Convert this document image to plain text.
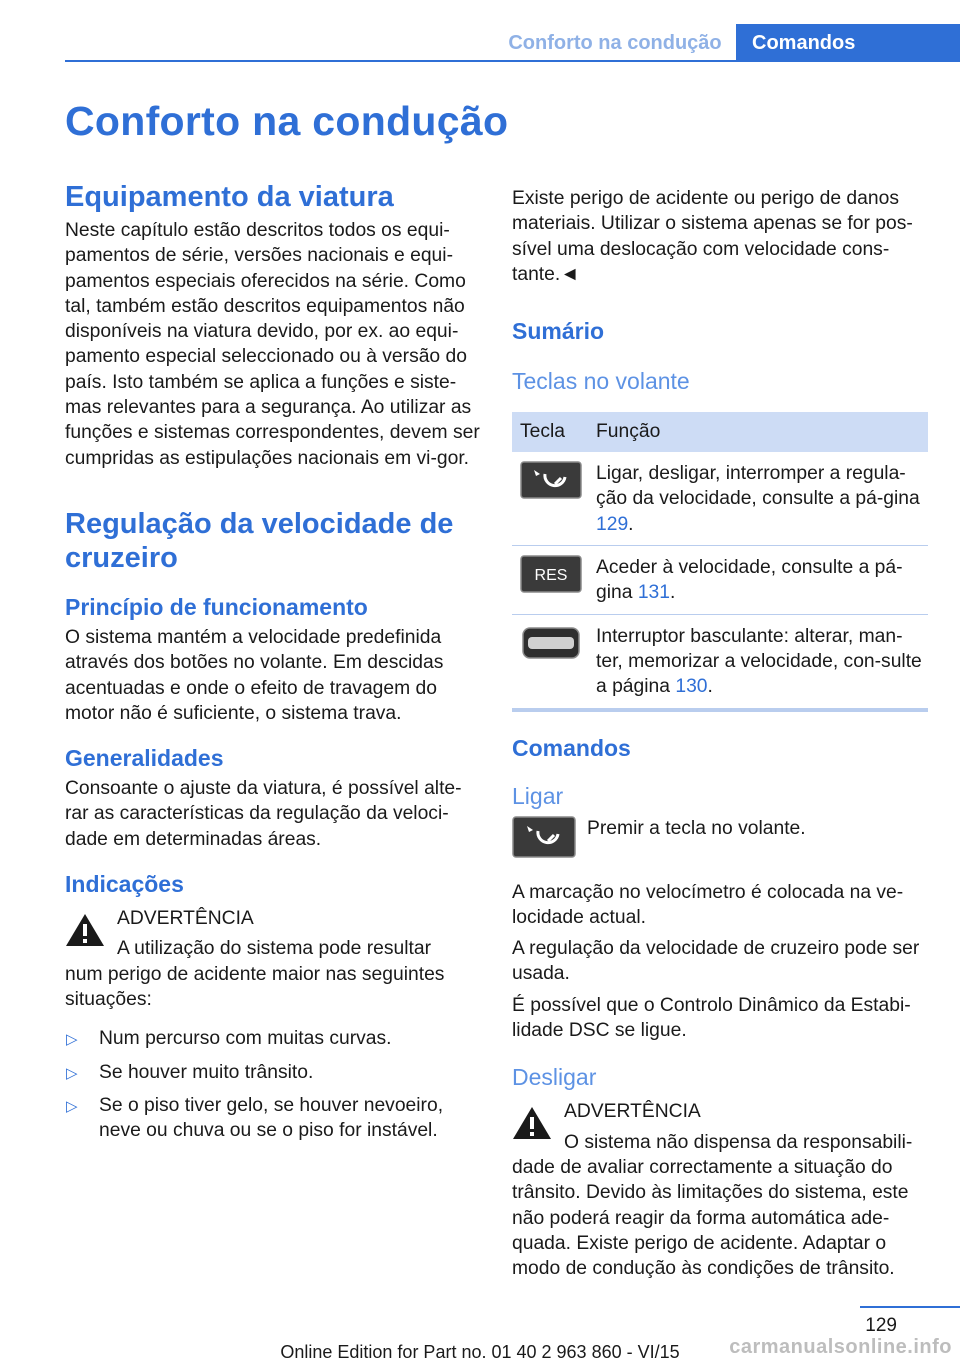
Conforto na condução	Comandos
Conforto na condução
Equipamento da viatura

Neste capítulo estão descritos todos os equi-pamentos de série, versões nacionais e equi-pamentos especiais oferecidos na série. Como tal, também estão descritos equipamentos não disponíveis na viatura devido, por ex. ao equi-pamento especial seleccionado ou à versão do país. Isto também se aplica a funções e siste-mas relevantes para a segurança. Ao utilizar as funções e sistemas correspondentes, devem ser cumpridas as estipulações nacionais em vi-gor.

Regulação da velocidade de cruzeiro
Princípio de funcionamento

O sistema mantém a velocidade predefinida através dos botões no volante. Em descidas acentuadas e onde o efeito de travagem do motor não é suficiente, o sistema trava.

Generalidades

Consoante o ajuste da viatura, é possível alte-rar as características da regulação da veloci-dade em determinadas áreas.

Indicações
ADVERTÊNCIA
A utilização do sistema pode resultar
num perigo de acidente maior nas seguintes situações:
▷ Num percurso com muitas curvas.
▷ Se houver muito trânsito.
▷ Se o piso tiver gelo, se houver nevoeiro, neve ou chuva ou se o piso for instável.

Existe perigo de acidente ou perigo de danos materiais. Utilizar o sistema apenas se for pos-sível uma deslocação com velocidade cons-tante.◄

Sumário
Teclas no volante
Tecla	Função

	Ligar, desligar, interromper a regula-ção da velocidade, consulte a pá-gina 129.

RES	Aceder à velocidade, consulte a pá-gina 131.

	Interruptor basculante: alterar, man-ter, memorizar a velocidade, con-sulte a página 130.
Comandos
Ligar
Premir a tecla no volante.

A marcação no velocímetro é colocada na ve-locidade actual.

A regulação da velocidade de cruzeiro pode ser usada.

É possível que o Controlo Dinâmico da Estabi-lidade DSC se ligue.

Desligar
ADVERTÊNCIA
O sistema não dispensa da responsabili-
dade de avaliar correctamente a situação do trânsito. Devido às limitações do sistema, este não poderá reagir da forma automática ade-quada. Existe perigo de acidente. Adaptar o modo de condução às condições de trânsito.
129
Online Edition for Part no. 01 40 2 963 860 - VI/15	carmanualsonline.info
